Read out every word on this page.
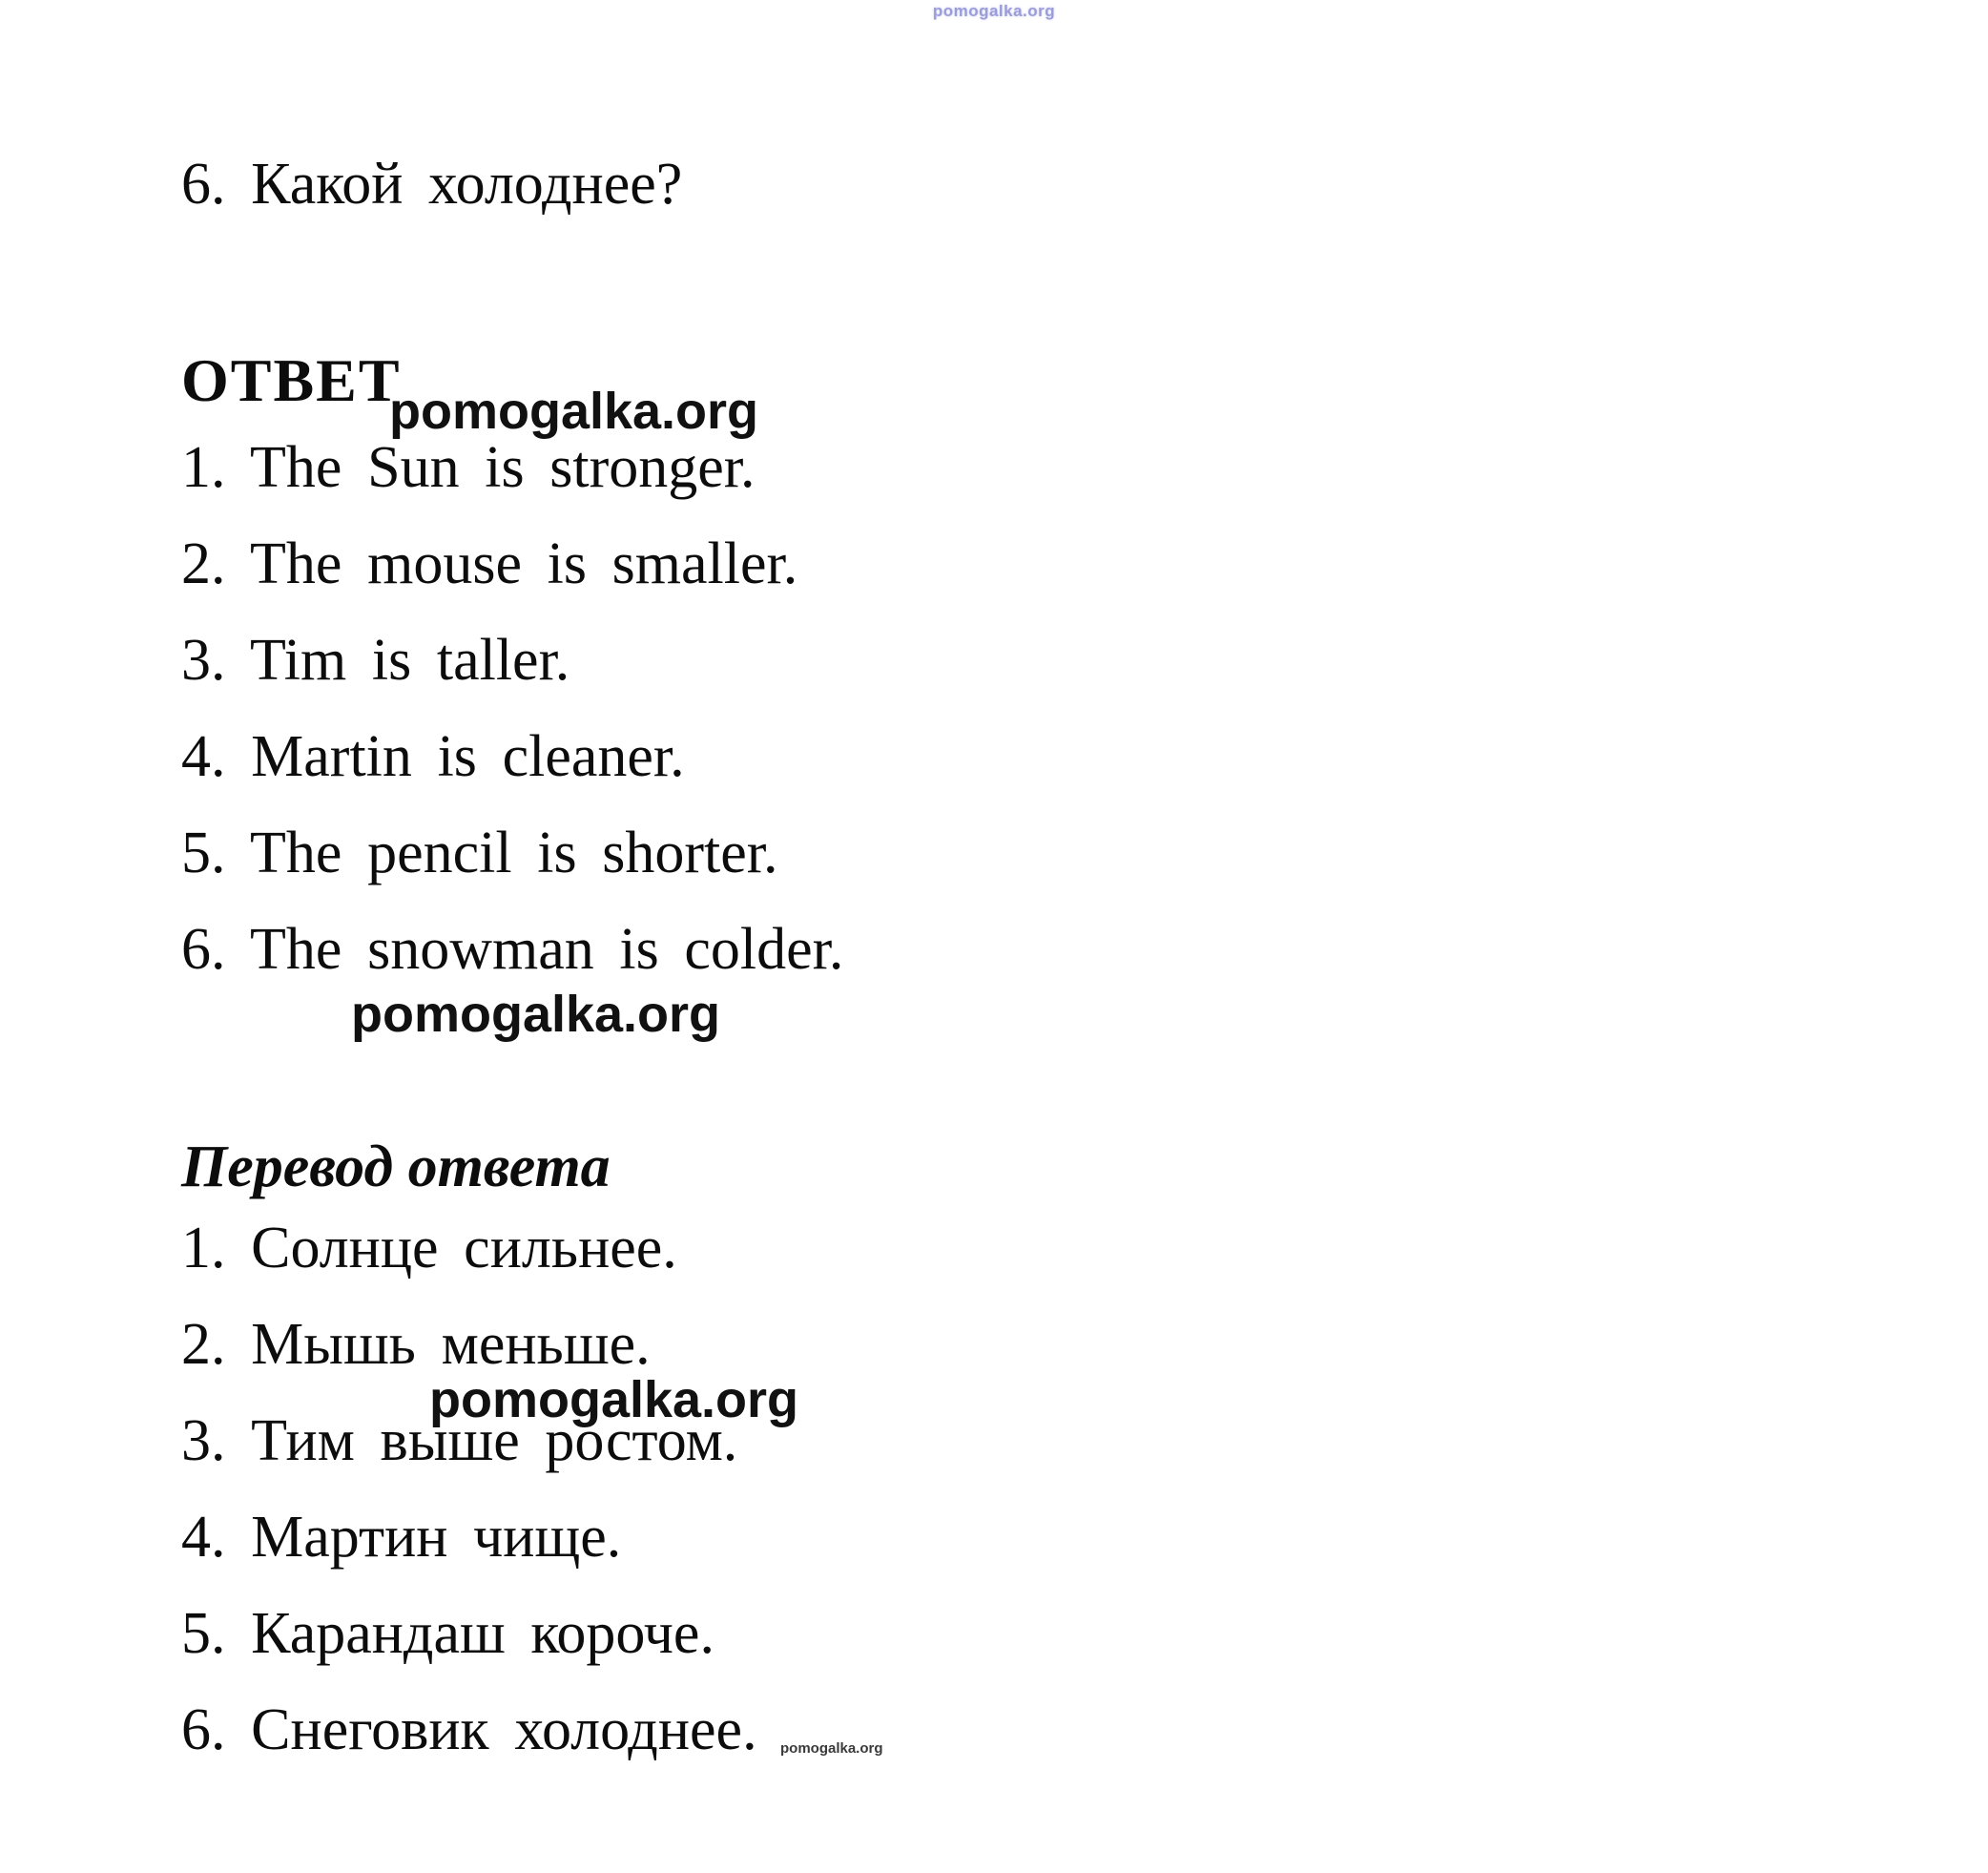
pomogalka.org
6. Какой холоднее?
ОТВЕТ
pomogalka.org
1. The Sun is stronger.
2. The mouse is smaller.
3. Tim is taller.
4. Martin is cleaner.
5. The pencil is shorter.
6. The snowman is colder.
pomogalka.org
Перевод ответа
1. Солнце сильнее.
2. Мышь меньше.
3. Тим выше ростом.
4. Мартин чище.
5. Карандаш короче.
6. Снеговик холоднее.
pomogalka.org
pomogalka.org
